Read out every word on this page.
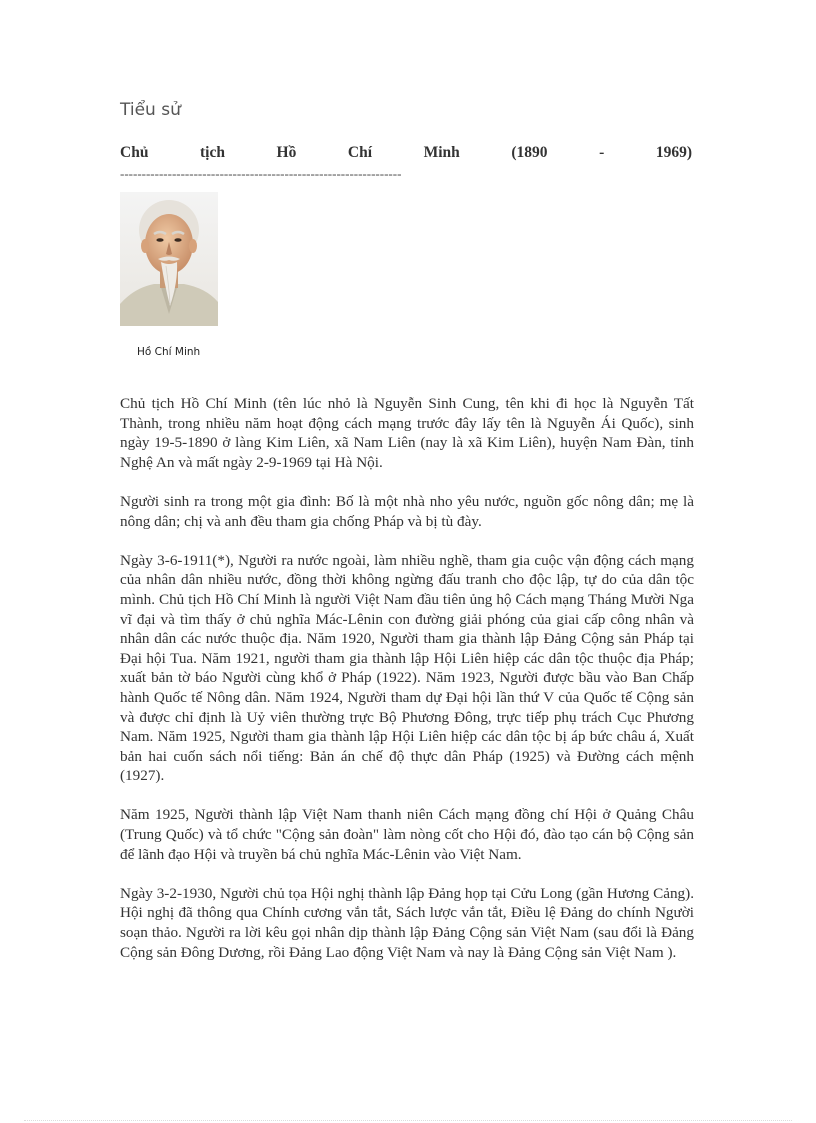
Tiểu sử
Chủ	tịch	Hồ	Chí	Minh	(1890	-	1969)
-----------------------------------------------------------------
Hồ Chí Minh

Chủ tịch Hồ Chí Minh (tên lúc nhỏ là Nguyễn Sinh Cung, tên khi đi học là Nguyễn Tất Thành, trong nhiều năm hoạt động cách mạng trước đây lấy tên là Nguyễn Ái Quốc), sinh ngày 19-5-1890 ở làng Kim Liên, xã Nam Liên (nay là xã Kim Liên), huyện Nam Đàn, tỉnh Nghệ An và mất ngày 2-9-1969 tại Hà Nội.

Người sinh ra trong một gia đình: Bố là một nhà nho yêu nước, nguồn gốc nông dân; mẹ là nông dân; chị và anh đều tham gia chống Pháp và bị tù đày.

Ngày 3-6-1911(*), Người ra nước ngoài, làm nhiều nghề, tham gia cuộc vận động cách mạng của nhân dân nhiều nước, đồng thời không ngừng đấu tranh cho độc lập, tự do của dân tộc mình. Chủ tịch Hồ Chí Minh là người Việt Nam đầu tiên ủng hộ Cách mạng Tháng Mười Nga vĩ đại và tìm thấy ở chủ nghĩa Mác-Lênin con đường giải phóng của giai cấp công nhân và nhân dân các nước thuộc địa. Năm 1920, Người tham gia thành lập Đảng Cộng sản Pháp tại Đại hội Tua. Năm 1921, người tham gia thành lập Hội Liên hiệp các dân tộc thuộc địa Pháp; xuất bản tờ báo Người cùng khổ ở Pháp (1922). Năm 1923, Người được bầu vào Ban Chấp hành Quốc tế Nông dân. Năm 1924, Người tham dự Đại hội lần thứ V của Quốc tế Cộng sản và được chỉ định là Uỷ viên thường trực Bộ Phương Đông, trực tiếp phụ trách Cục Phương Nam. Năm 1925, Người tham gia thành lập Hội Liên hiệp các dân tộc bị áp bức châu á, Xuất bản hai cuốn sách nổi tiếng: Bản án chế độ thực dân Pháp (1925) và Đường cách mệnh (1927).

Năm 1925, Người thành lập Việt Nam thanh niên Cách mạng đồng chí Hội ở Quảng Châu (Trung Quốc) và tổ chức "Cộng sản đoàn" làm nòng cốt cho Hội đó, đào tạo cán bộ Cộng sản để lãnh đạo Hội và truyền bá chủ nghĩa Mác-Lênin vào Việt Nam.

Ngày 3-2-1930, Người chủ tọa Hội nghị thành lập Đảng họp tại Cửu Long (gần Hương Cảng). Hội nghị đã thông qua Chính cương vắn tắt, Sách lược vắn tắt, Điều lệ Đảng do chính Người soạn thảo. Người ra lời kêu gọi nhân dịp thành lập Đảng Cộng sản Việt Nam (sau đổi là Đảng Cộng sản Đông Dương, rồi Đảng Lao động Việt Nam và nay là Đảng Cộng sản Việt Nam ).
